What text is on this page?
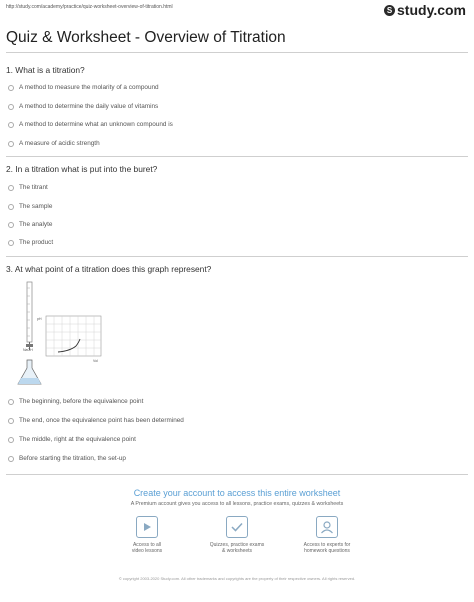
http://study.com/academy/practice/quiz-worksheet-overview-of-titration.html	S study.com
Quiz & Worksheet - Overview of Titration
1. What is a titration?
A method to measure the molarity of a compound
A method to determine the daily value of vitamins
A method to determine what an unknown compound is
A measure of acidic strength
2. In a titration what is put into the buret?
The titrant
The sample
The analyte
The product
3. At what point of a titration does this graph represent?
NaOH
pH
Vol
The beginning, before the equivalence point
The end, once the equivalence point has been determined
The middle, right at the equivalence point
Before starting the titration, the set-up
Create your account to access this entire worksheet
A Premium account gives you access to all lessons, practice exams, quizzes & worksheets
Access to all
video lessons
Quizzes, practice exams
& worksheets
Access to experts for
homework questions
© copyright 2003-2020 Study.com. All other trademarks and copyrights are the property of their respective owners. All rights reserved.
